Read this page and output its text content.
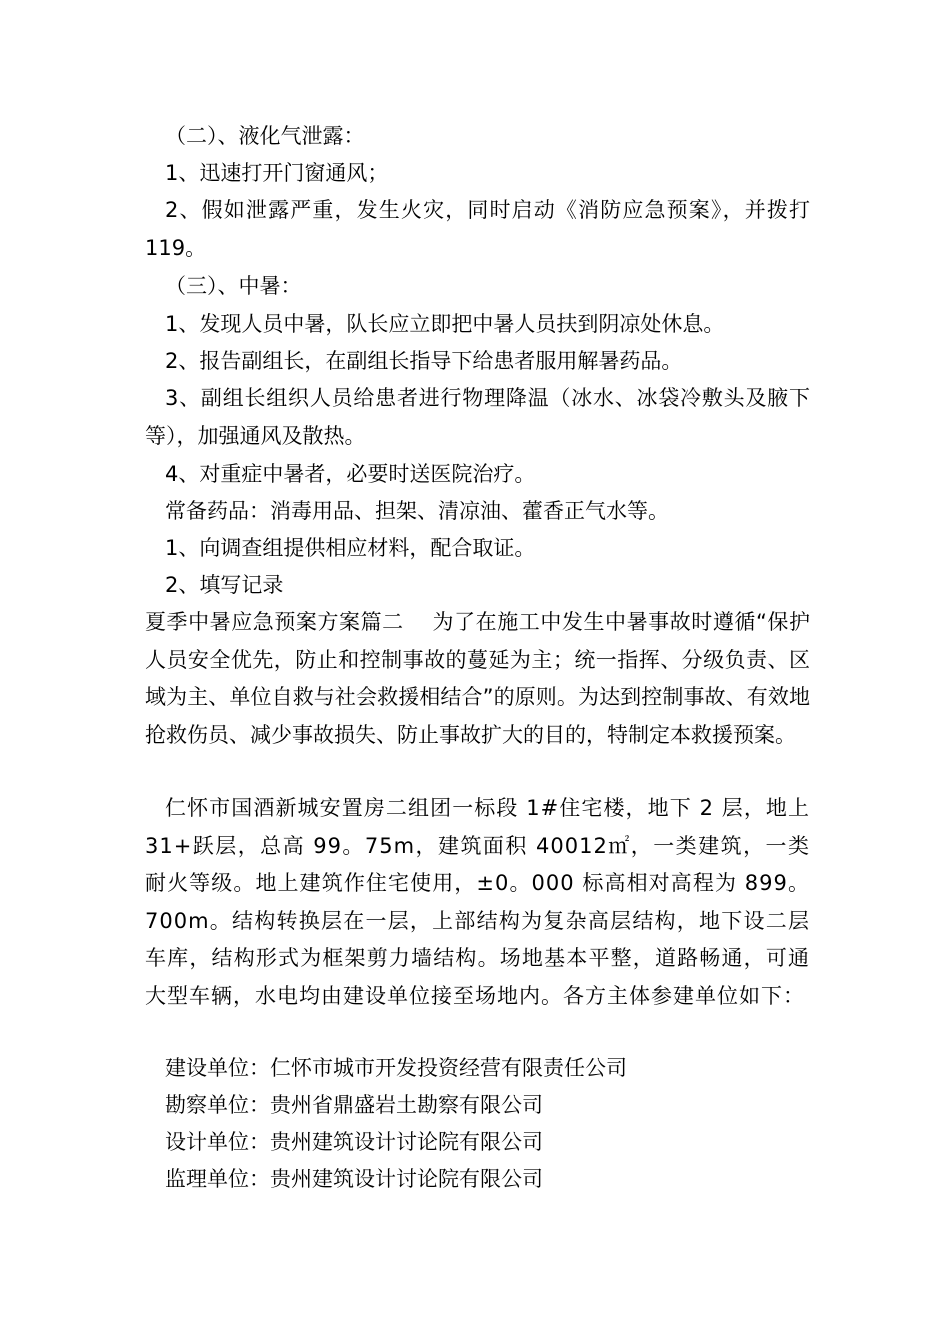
（二）、液化气泄露：

1、迅速打开门窗通风；

2、假如泄露严重，发生火灾，同时启动《消防应急预案》，并拨打 119。

（三）、中暑：

1、发现人员中暑，队长应立即把中暑人员扶到阴凉处休息。

2、报告副组长，在副组长指导下给患者服用解暑药品。

3、副组长组织人员给患者进行物理降温（冰水、冰袋冷敷头及腋下等），加强通风及散热。

4、对重症中暑者，必要时送医院治疗。

常备药品：消毒用品、担架、清凉油、藿香正气水等。

1、向调查组提供相应材料，配合取证。

2、填写记录

夏季中暑应急预案方案篇二　 为了在施工中发生中暑事故时遵循“保护人员安全优先，防止和控制事故的蔓延为主；统一指挥、分级负责、区域为主、单位自救与社会救援相结合”的原则。为达到控制事故、有效地抢救伤员、减少事故损失、防止事故扩大的目的，特制定本救援预案。

仁怀市国酒新城安置房二组团一标段 1#住宅楼，地下 2 层，地上 31+跃层，总高 99。75m，建筑面积 40012㎡，一类建筑，一类耐火等级。地上建筑作住宅使用，±0。000 标高相对高程为 899。700m。结构转换层在一层，上部结构为复杂高层结构，地下设二层车库，结构形式为框架剪力墙结构。场地基本平整，道路畅通，可通大型车辆，水电均由建设单位接至场地内。各方主体参建单位如下：

建设单位：仁怀市城市开发投资经营有限责任公司

勘察单位：贵州省鼎盛岩土勘察有限公司

设计单位：贵州建筑设计讨论院有限公司

监理单位：贵州建筑设计讨论院有限公司
